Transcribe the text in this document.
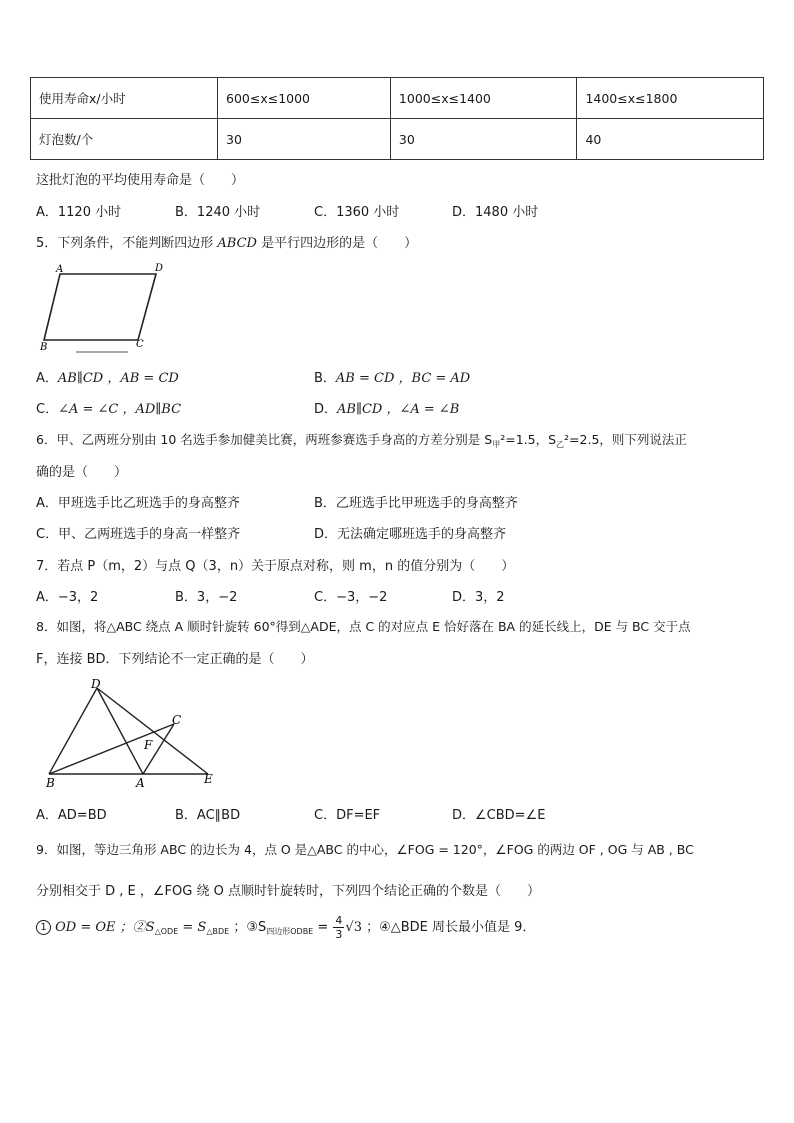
使用寿命x/小时	600≤x≤1000	1000≤x≤1400	1400≤x≤1800
灯泡数/个	30	30	40
这批灯泡的平均使用寿命是（　　）
A．1120 小时	B．1240 小时	C．1360 小时	D．1480 小时
5．下列条件，不能判断四边形 ABCD 是平行四边形的是（　　）
A	D
B	C
A．AB∥CD ，AB = CD	B．AB = CD ，BC = AD
C．∠A = ∠C ，AD∥BC	D．AB∥CD ，∠A = ∠B
6．甲、乙两班分别由 10 名选手参加健美比赛，两班参赛选手身高的方差分别是 $S_甲^2=1.5$，$S_乙^2=2.5$，则下列说法正
确的是（　　）
A．甲班选手比乙班选手的身高整齐	B．乙班选手比甲班选手的身高整齐
C．甲、乙两班选手的身高一样整齐	D．无法确定哪班选手的身高整齐
7．若点 P（m，2）与点 Q（3，n）关于原点对称，则 m，n 的值分别为（　　）
A．−3，2	B．3，−2	C．−3，−2	D．3，2
8．如图，将△ABC 绕点 A 顺时针旋转 60°得到△ADE，点 C 的对应点 E 恰好落在 BA 的延长线上，DE 与 BC 交于点
F，连接 BD．下列结论不一定正确的是（　　）
D
C
F
B	A	E
A．AD=BD	B．AC∥BD	C．DF=EF	D．∠CBD=∠E
9．如图，等边三角形 ABC 的边长为 4，点 O 是△ABC 的中心，∠FOG = 120°，∠FOG 的两边 OF , OG 与 AB , BC
分别相交于 D , E ，∠FOG 绕 O 点顺时针旋转时，下列四个结论正确的个数是（　　）
1 OD = OE ；$②S_{\triangle ODE} = S_{\triangle BDE}$ ；$③S_{四边形ODBE} = \frac{4}{3} √3$ ；④△BDE 周长最小值是 9．
